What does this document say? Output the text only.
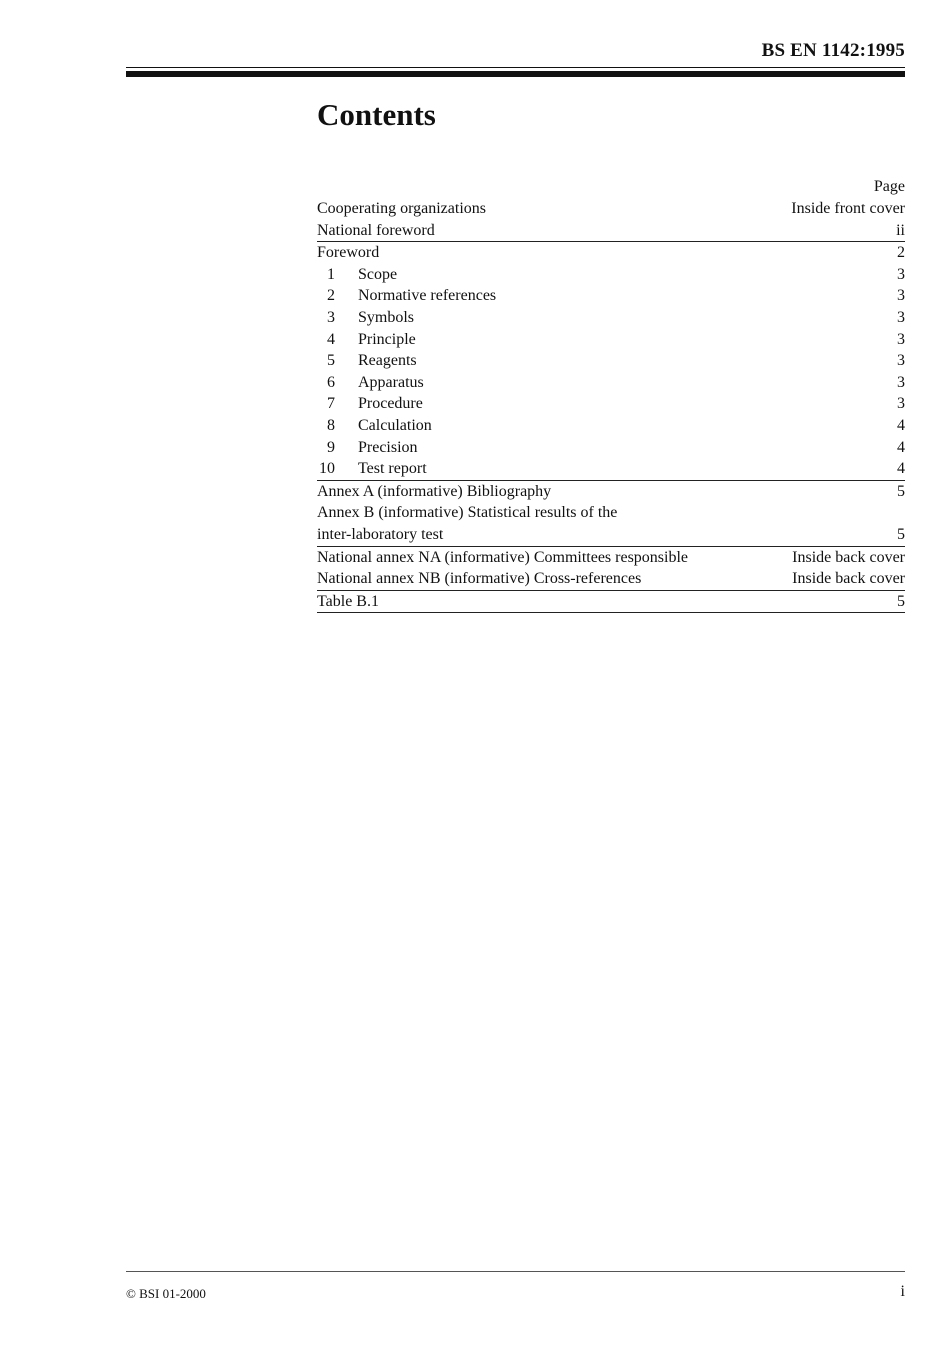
BS EN 1142:1995
Contents
Page
Cooperating organizations	Inside front cover
National foreword	ii
Foreword	2
1 Scope	3
2 Normative references	3
3 Symbols	3
4 Principle	3
5 Reagents	3
6 Apparatus	3
7 Procedure	3
8 Calculation	4
9 Precision	4
10 Test report	4
Annex A (informative) Bibliography	5
Annex B (informative) Statistical results of the
inter-laboratory test	5
National annex NA (informative) Committees responsible	Inside back cover
National annex NB (informative) Cross-references	Inside back cover
Table B.1	5
© BSI 01-2000	i
